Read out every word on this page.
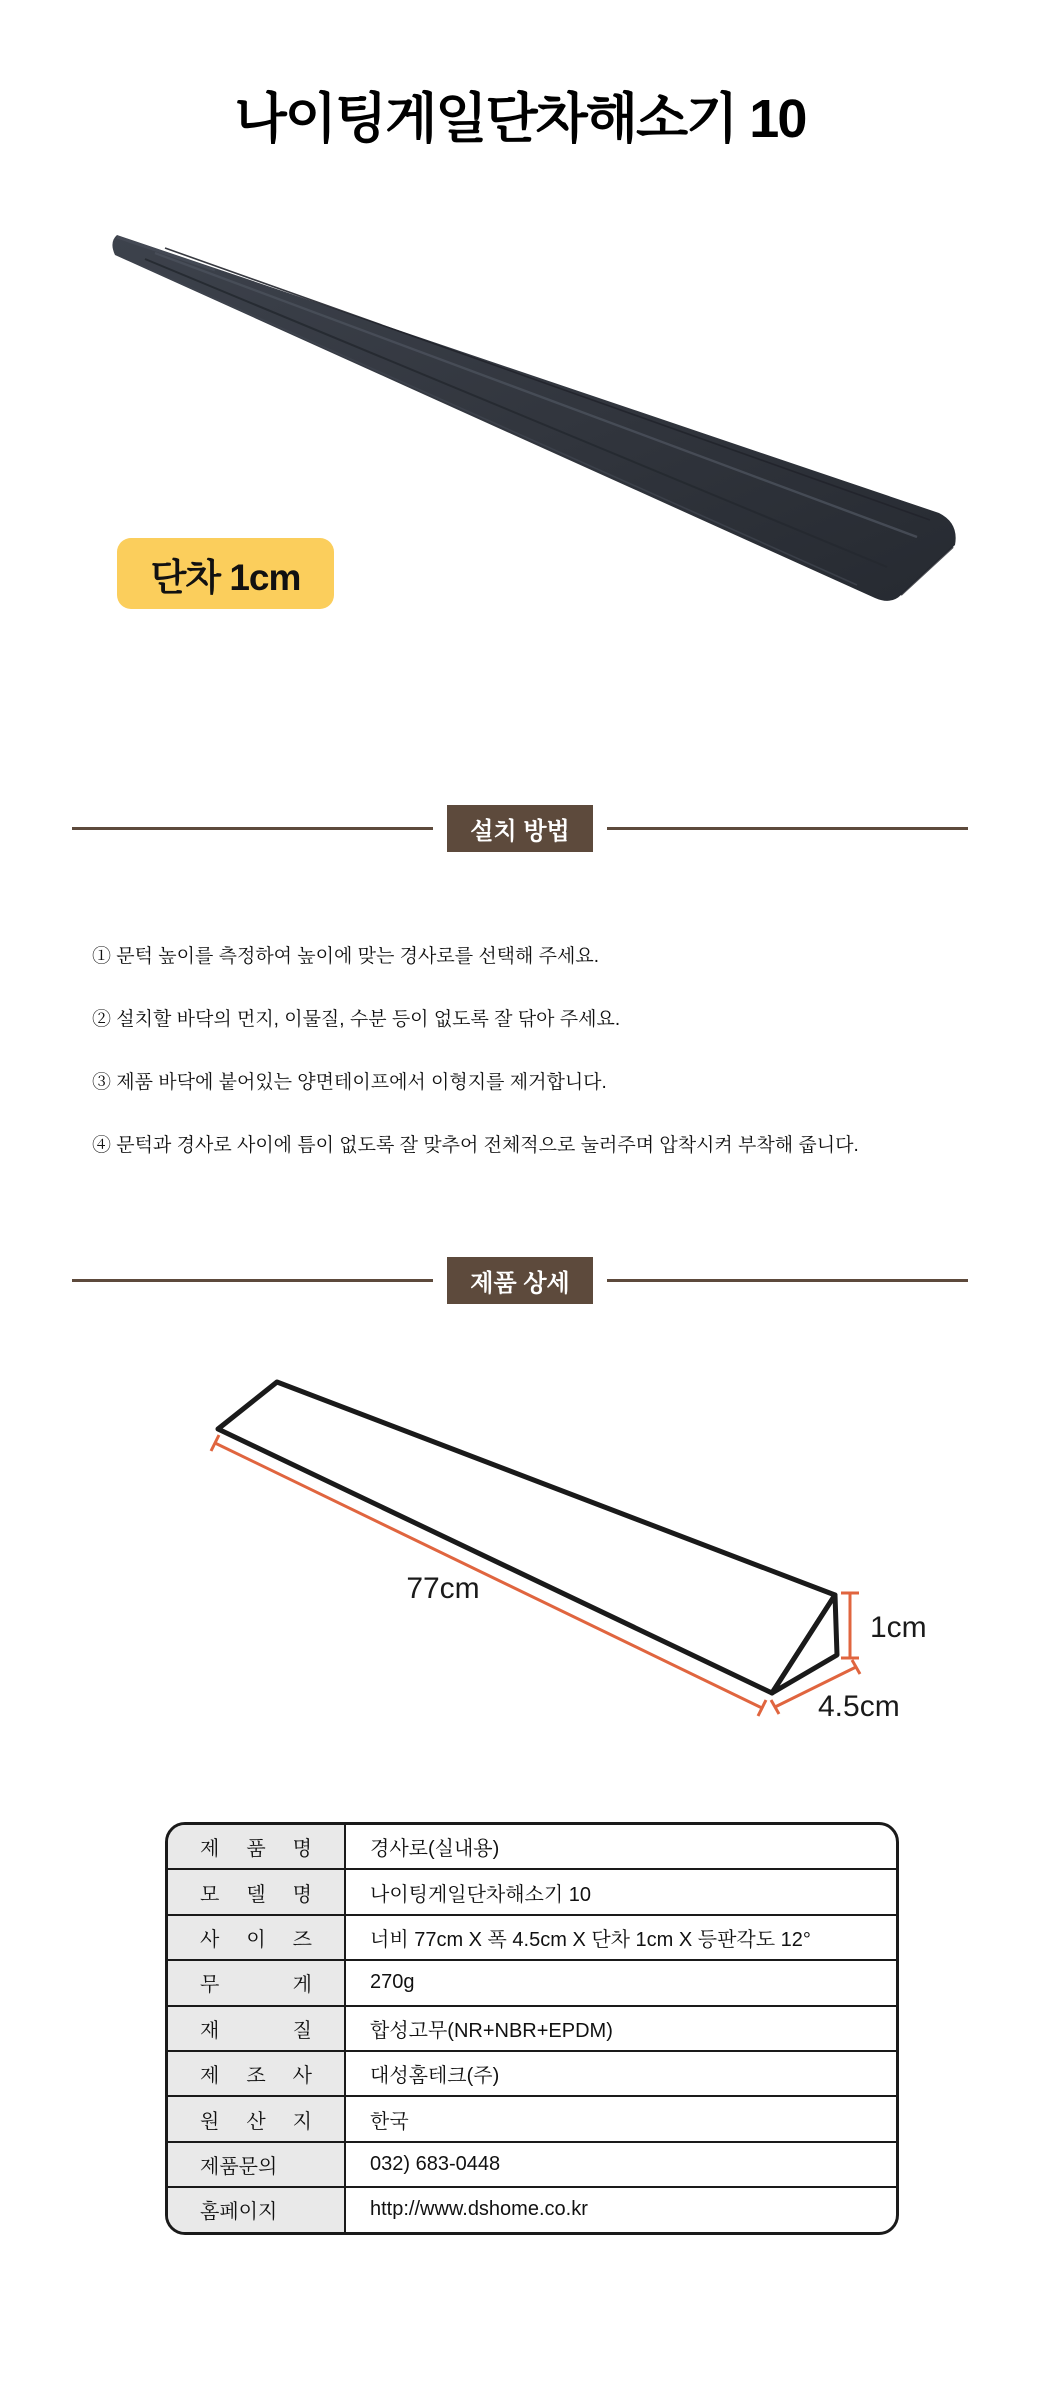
나이팅게일단차해소기 10
단차 1cm
설치 방법

① 문턱 높이를 측정하여 높이에 맞는 경사로를 선택해 주세요.

② 설치할 바닥의 먼지, 이물질, 수분 등이 없도록 잘 닦아 주세요.

③ 제품 바닥에 붙어있는 양면테이프에서 이형지를 제거합니다.

④ 문턱과 경사로 사이에 틈이 없도록 잘 맞추어 전체적으로 눌러주며 압착시켜 부착해 줍니다.

제품 상세
77cm
1cm
4.5cm
제 품 명	경사로(실내용)
모 델 명	나이팅게일단차해소기 10
사 이 즈	너비 77cm X 폭 4.5cm X 단차 1cm X 등판각도 12°
무 게	270g
재 질	합성고무(NR+NBR+EPDM)
제 조 사	대성홈테크(주)
원 산 지	한국
제품문의	032) 683-0448
홈페이지	http://www.dshome.co.kr
